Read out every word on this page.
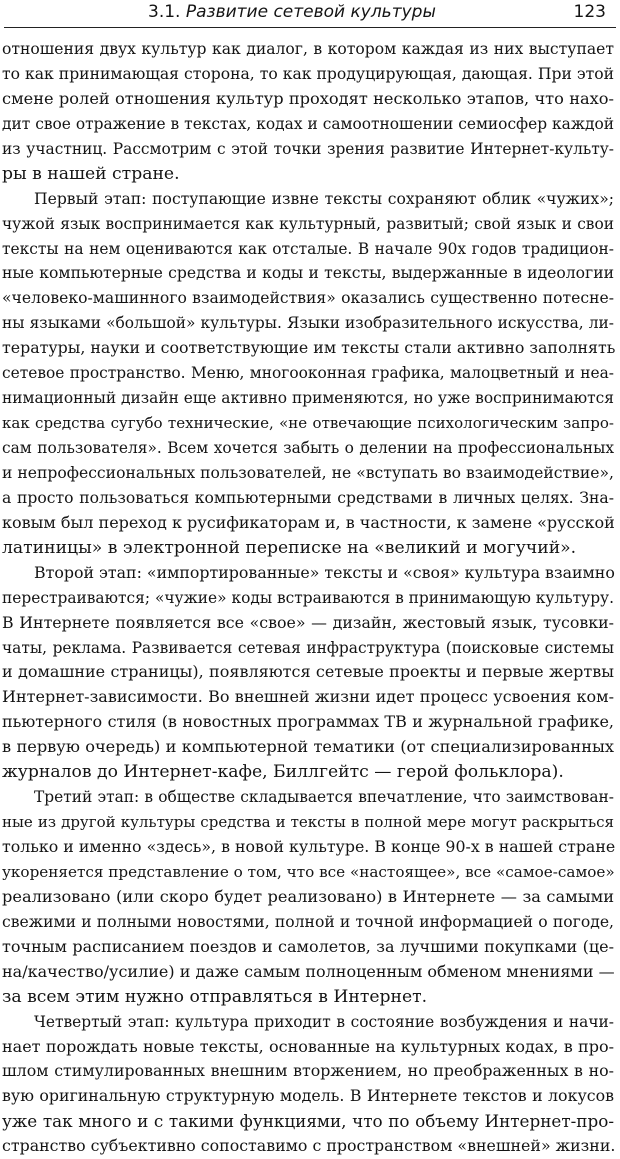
3.1. Развитие сетевой культуры	123
отношения двух культур как диалог, в котором каждая из них выступает
то как принимающая сторона, то как продуцирующая, дающая. При этой
смене ролей отношения культур проходят несколько этапов, что нахо-
дит свое отражение в текстах, кодах и самоотношении семиосфер каждой
из участниц. Рассмотрим с этой точки зрения развитие Интернет-культу-
ры в нашей стране.
Первый этап: поступающие извне тексты сохраняют облик «чужих»;
чужой язык воспринимается как культурный, развитый; свой язык и свои
тексты на нем оцениваются как отсталые. В начале 90х годов традицион-
ные компьютерные средства и коды и тексты, выдержанные в идеологии
«человеко-машинного взаимодействия» оказались существенно потесне-
ны языками «большой» культуры. Языки изобразительного искусства, ли-
тературы, науки и соответствующие им тексты стали активно заполнять
сетевое пространство. Меню, многооконная графика, малоцветный и неа-
нимационный дизайн еще активно применяются, но уже воспринимаются
как средства сугубо технические, «не отвечающие психологическим запро-
сам пользователя». Всем хочется забыть о делении на профессиональных
и непрофессиональных пользователей, не «вступать во взаимодействие»,
а просто пользоваться компьютерными средствами в личных целях. Зна-
ковым был переход к русификаторам и, в частности, к замене «русской
латиницы» в электронной переписке на «великий и могучий».
Второй этап: «импортированные» тексты и «своя» культура взаимно
перестраиваются; «чужие» коды встраиваются в принимающую культуру.
В Интернете появляется все «свое» — дизайн, жестовый язык, тусовки-
чаты, реклама. Развивается сетевая инфраструктура (поисковые системы
и домашние страницы), появляются сетевые проекты и первые жертвы
Интернет-зависимости. Во внешней жизни идет процесс усвоения ком-
пьютерного стиля (в новостных программах ТВ и журнальной графике,
в первую очередь) и компьютерной тематики (от специализированных
журналов до Интернет-кафе, Биллгейтс — герой фольклора).
Третий этап: в обществе складывается впечатление, что заимствован-
ные из другой культуры средства и тексты в полной мере могут раскрыться
только и именно «здесь», в новой культуре. В конце 90-х в нашей стране
укореняется представление о том, что все «настоящее», все «самое-самое»
реализовано (или скоро будет реализовано) в Интернете — за самыми
свежими и полными новостями, полной и точной информацией о погоде,
точным расписанием поездов и самолетов, за лучшими покупками (це-
на/качество/усилие) и даже самым полноценным обменом мнениями —
за всем этим нужно отправляться в Интернет.
Четвертый этап: культура приходит в состояние возбуждения и начи-
нает порождать новые тексты, основанные на культурных кодах, в про-
шлом стимулированных внешним вторжением, но преображенных в но-
вую оригинальную структурную модель. В Интернете текстов и локусов
уже так много и с такими функциями, что по объему Интернет-про-
странство субъективно сопоставимо с пространством «внешней» жизни.
